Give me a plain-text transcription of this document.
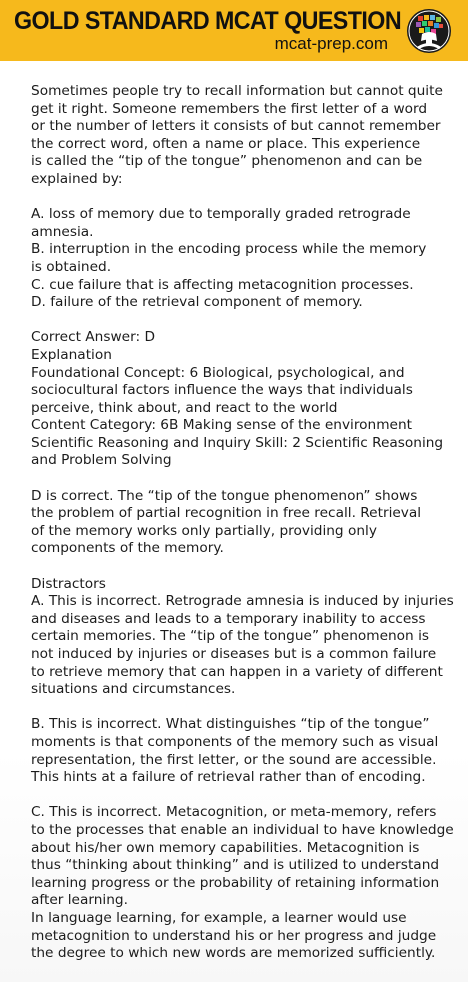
GOLD STANDARD MCAT QUESTION
mcat-prep.com
Sometimes people try to recall information but cannot quite
get it right. Someone remembers the first letter of a word
or the number of letters it consists of but cannot remember
the correct word, often a name or place. This experience
is called the “tip of the tongue” phenomenon and can be
explained by:
A. loss of memory due to temporally graded retrograde
amnesia.
B. interruption in the encoding process while the memory
is obtained.
C. cue failure that is affecting metacognition processes.
D. failure of the retrieval component of memory.
Correct Answer: D
Explanation
Foundational Concept: 6 Biological, psychological, and
sociocultural factors influence the ways that individuals
perceive, think about, and react to the world
Content Category: 6B Making sense of the environment
Scientific Reasoning and Inquiry Skill: 2 Scientific Reasoning
and Problem Solving
D is correct. The “tip of the tongue phenomenon” shows
the problem of partial recognition in free recall. Retrieval
of the memory works only partially, providing only
components of the memory.
Distractors
A. This is incorrect. Retrograde amnesia is induced by injuries
and diseases and leads to a temporary inability to access
certain memories. The “tip of the tongue” phenomenon is
not induced by injuries or diseases but is a common failure
to retrieve memory that can happen in a variety of different
situations and circumstances.
B. This is incorrect. What distinguishes “tip of the tongue”
moments is that components of the memory such as visual
representation, the first letter, or the sound are accessible.
This hints at a failure of retrieval rather than of encoding.
C. This is incorrect. Metacognition, or meta-memory, refers
to the processes that enable an individual to have knowledge
about his/her own memory capabilities. Metacognition is
thus “thinking about thinking” and is utilized to understand
learning progress or the probability of retaining information
after learning.
In language learning, for example, a learner would use
metacognition to understand his or her progress and judge
the degree to which new words are memorized sufficiently.
